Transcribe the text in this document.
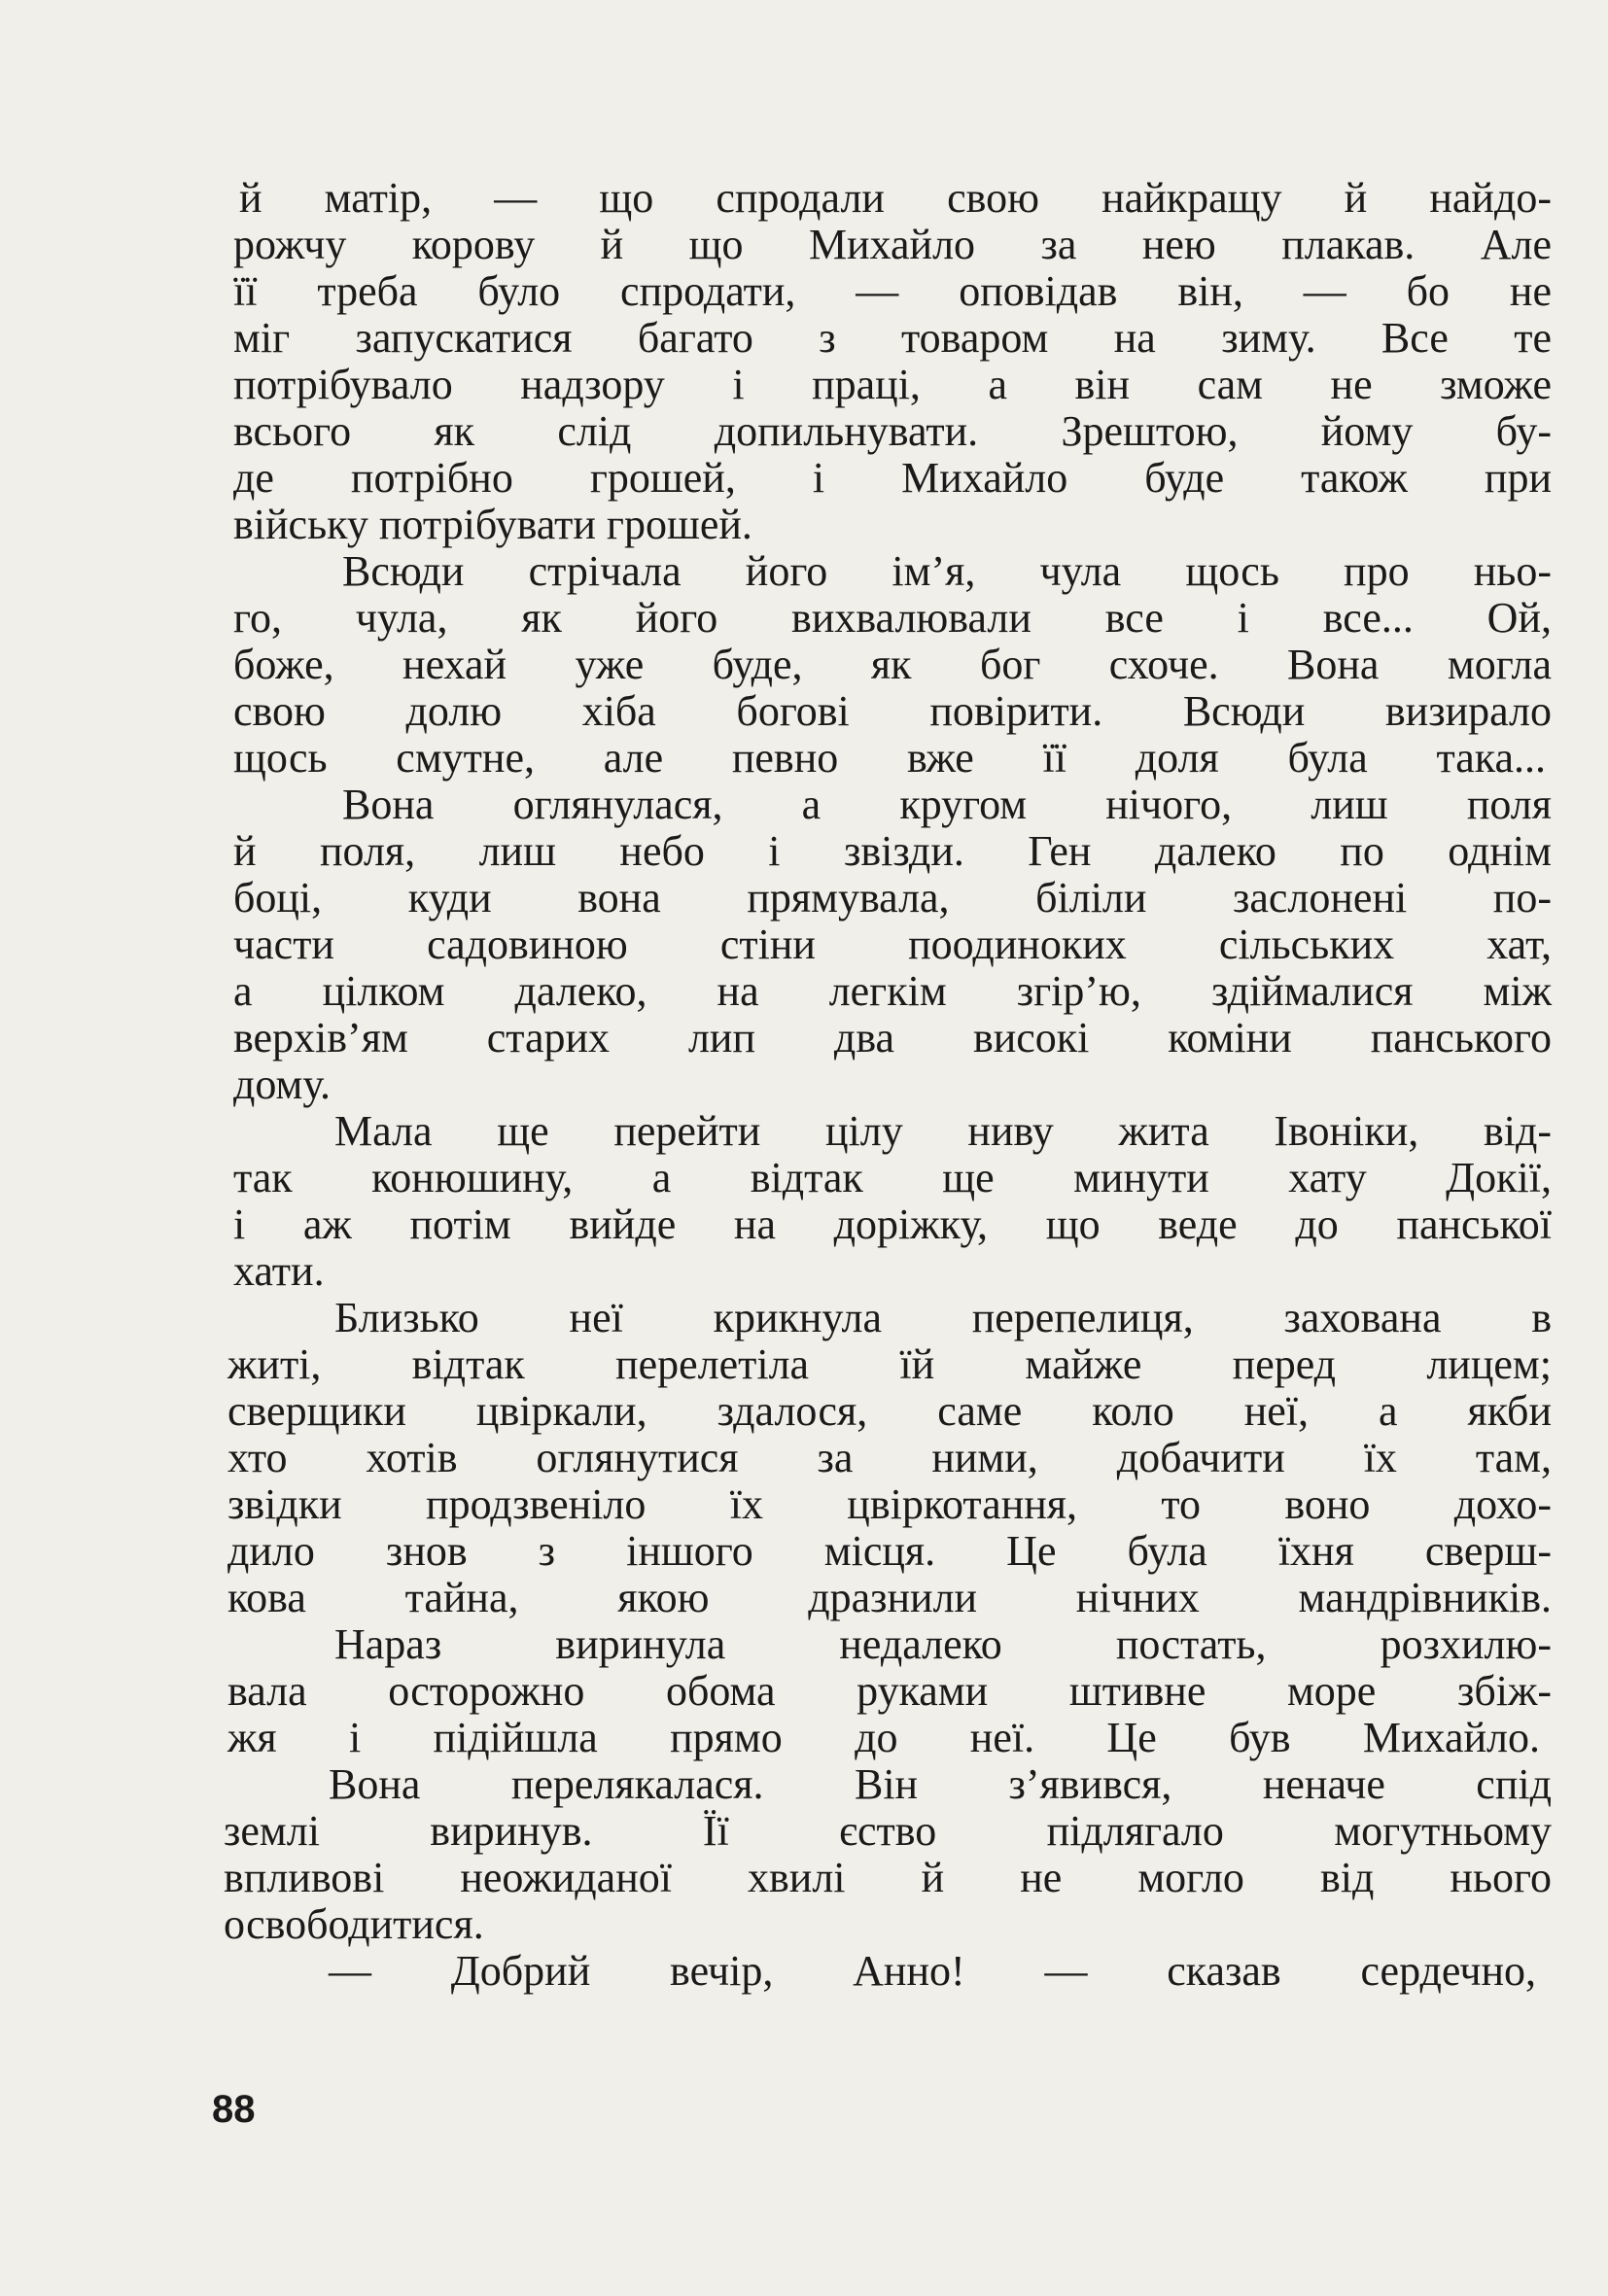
й матір, — що спродали свою найкращу й найдо-
рожчу корову й що Михайло за нею плакав. Але
її треба було спродати, — оповідав він, — бо не
міг запускатися багато з товаром на зиму. Все те
потрібувало надзору і праці, а він сам не зможе
всього як слід допильнувати. Зрештою, йому бу-
де потрібно грошей, і Михайло буде також при
війську потрібувати грошей.
Всюди стрічала його ім’я, чула щось про ньо-
го, чула, як його вихвалювали все і все... Ой,
боже, нехай уже буде, як бог схоче. Вона могла
свою долю хіба богові повірити. Всюди визирало
щось смутне, але певно вже її доля була така...
Вона оглянулася, а кругом нічого, лиш поля
й поля, лиш небо і звізди. Ген далеко по однім
боці, куди вона прямувала, біліли заслонені по-
части садовиною стіни поодиноких сільських хат,
а цілком далеко, на легкім згір’ю, здіймалися між
верхів’ям старих лип два високі коміни панського
дому.
Мала ще перейти цілу ниву жита Івоніки, від-
так конюшину, а відтак ще минути хату Докії,
і аж потім вийде на доріжку, що веде до панської
хати.
Близько неї крикнула перепелиця, захована в
житі, відтак перелетіла їй майже перед лицем;
сверщики цвіркали, здалося, саме коло неї, а якби
хто хотів оглянутися за ними, добачити їх там,
звідки продзвеніло їх цвіркотання, то воно дохо-
дило знов з іншого місця. Це була їхня сверш-
кова тайна, якою дразнили нічних мандрівників.
Нараз виринула недалеко постать, розхилю-
вала осторожно обома руками штивне море збіж-
жя і підійшла прямо до неї. Це був Михайло.
Вона перелякалася. Він з’явився, неначе спід
землі виринув. Її єство підлягало могутньому
впливові неожиданої хвилі й не могло від нього
освободитися.
— Добрий вечір, Анно! — сказав сердечно,
88
